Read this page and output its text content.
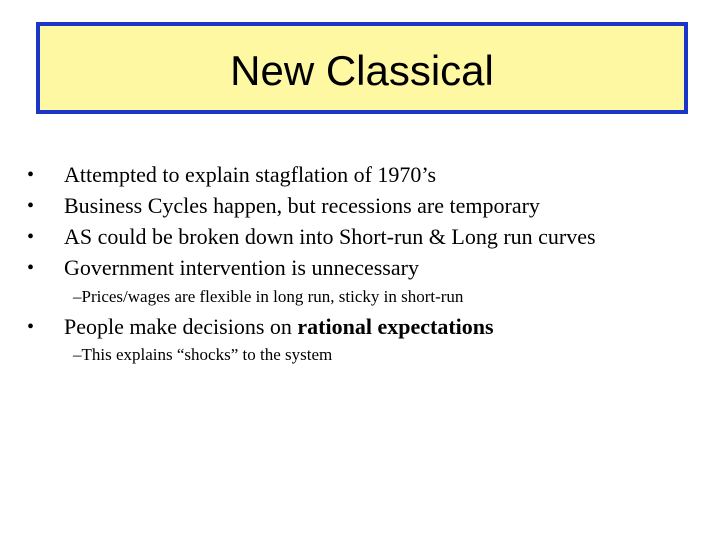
New Classical
• Attempted to explain stagflation of 1970’s
• Business Cycles happen, but recessions are temporary
• AS could be broken down into Short-run & Long run curves
• Government intervention is unnecessary
–Prices/wages are flexible in long run, sticky in short-run
• People make decisions on rational expectations
–This explains “shocks” to the system
